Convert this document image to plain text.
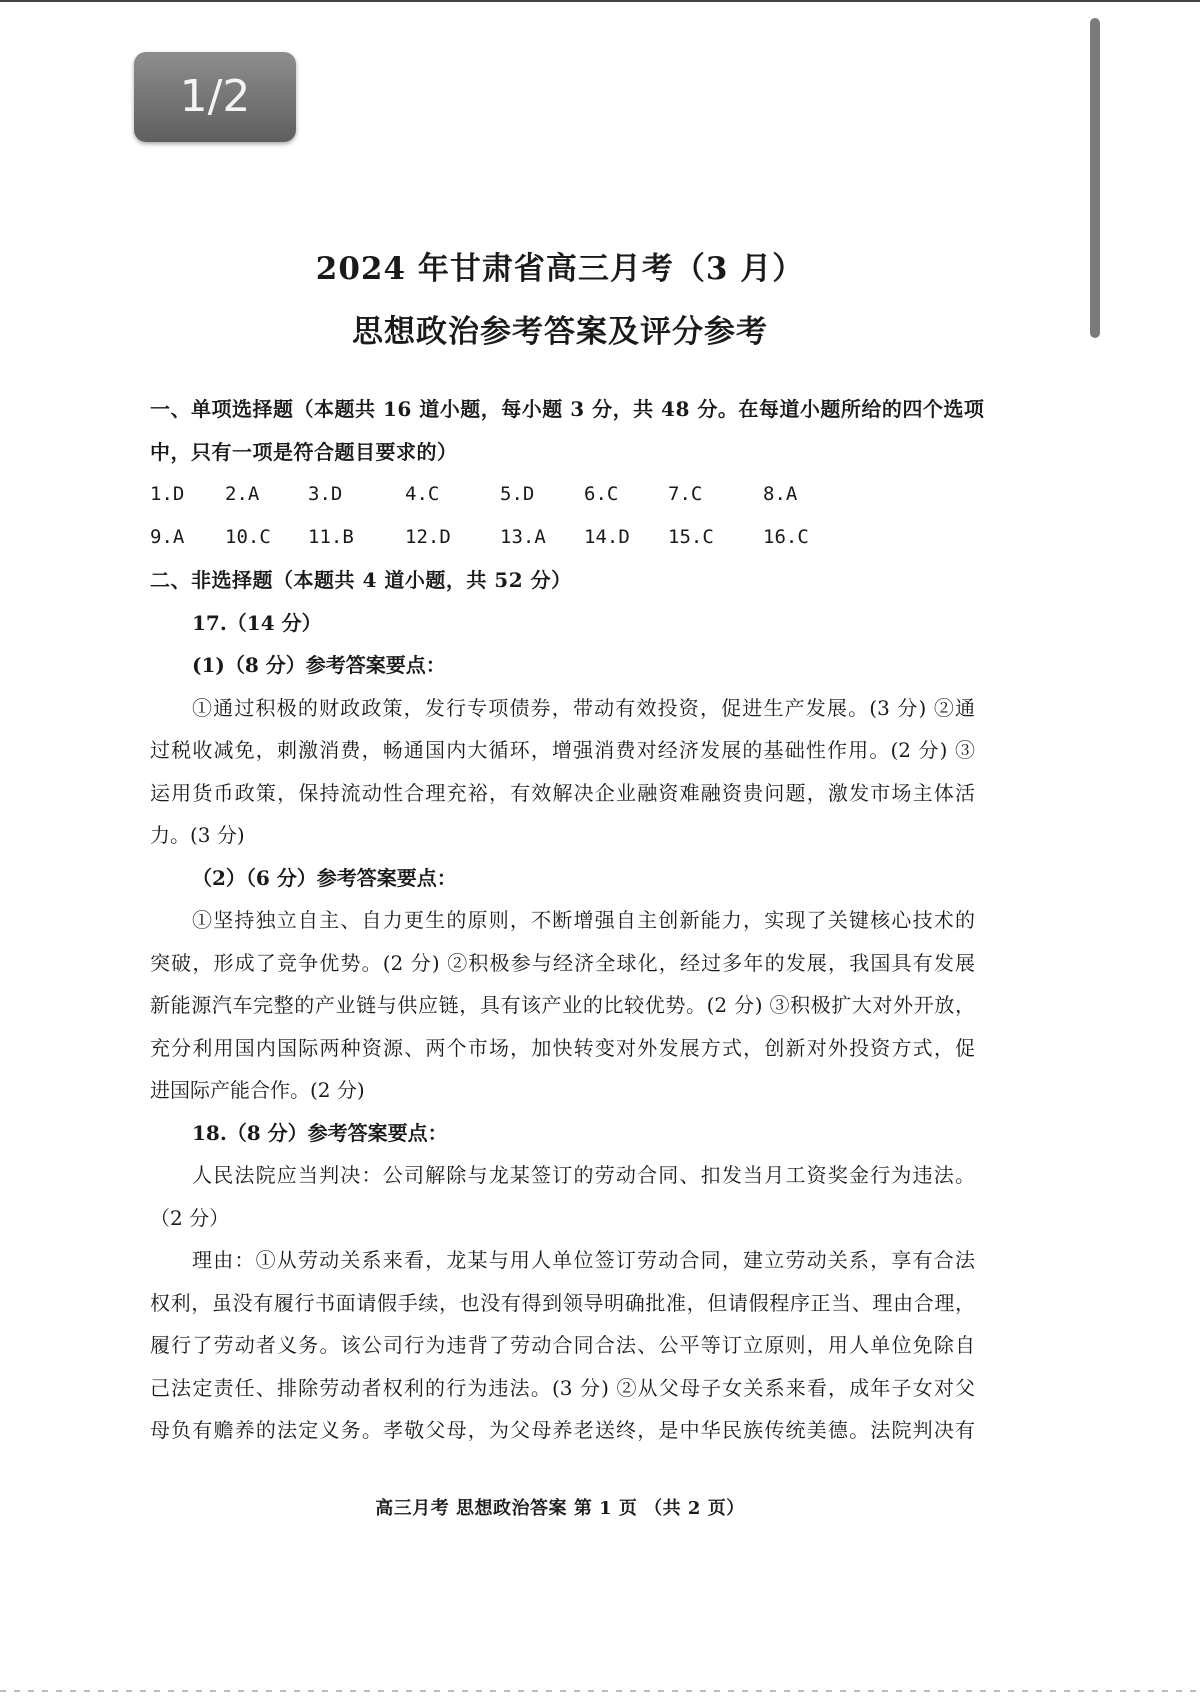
1/2
2024 年甘肃省高三月考（3 月）
思想政治参考答案及评分参考
一、单项选择题（本题共 16 道小题，每小题 3 分，共 48 分。在每道小题所给的四个选项
中，只有一项是符合题目要求的）
1.D 2.A	3.D	4.C	5.D	6.C	7.C	8.A
9.A 10.C 11.B	12.D	13.A 14.D 15.C	16.C
二、非选择题（本题共 4 道小题，共 52 分）
17.（14 分）
(1)（8 分）参考答案要点：
①通过积极的财政政策，发行专项债券，带动有效投资，促进生产发展。(3 分) ②通
过税收减免，刺激消费，畅通国内大循环，增强消费对经济发展的基础性作用。(2 分) ③
运用货币政策，保持流动性合理充裕，有效解决企业融资难融资贵问题，激发市场主体活
力。(3 分)
（2）（6 分）参考答案要点：
①坚持独立自主、自力更生的原则，不断增强自主创新能力，实现了关键核心技术的
突破，形成了竞争优势。(2 分) ②积极参与经济全球化，经过多年的发展，我国具有发展
新能源汽车完整的产业链与供应链，具有该产业的比较优势。(2 分) ③积极扩大对外开放，
充分利用国内国际两种资源、两个市场，加快转变对外发展方式，创新对外投资方式，促
进国际产能合作。(2 分)
18.（8 分）参考答案要点：
人民法院应当判决：公司解除与龙某签订的劳动合同、扣发当月工资奖金行为违法。
（2 分）
理由：①从劳动关系来看，龙某与用人单位签订劳动合同，建立劳动关系，享有合法
权利，虽没有履行书面请假手续，也没有得到领导明确批准，但请假程序正当、理由合理，
履行了劳动者义务。该公司行为违背了劳动合同合法、公平等订立原则，用人单位免除自
己法定责任、排除劳动者权利的行为违法。(3 分) ②从父母子女关系来看，成年子女对父
母负有赡养的法定义务。孝敬父母，为父母养老送终，是中华民族传统美德。法院判决有
高三月考 思想政治答案 第 1 页 （共 2 页）
